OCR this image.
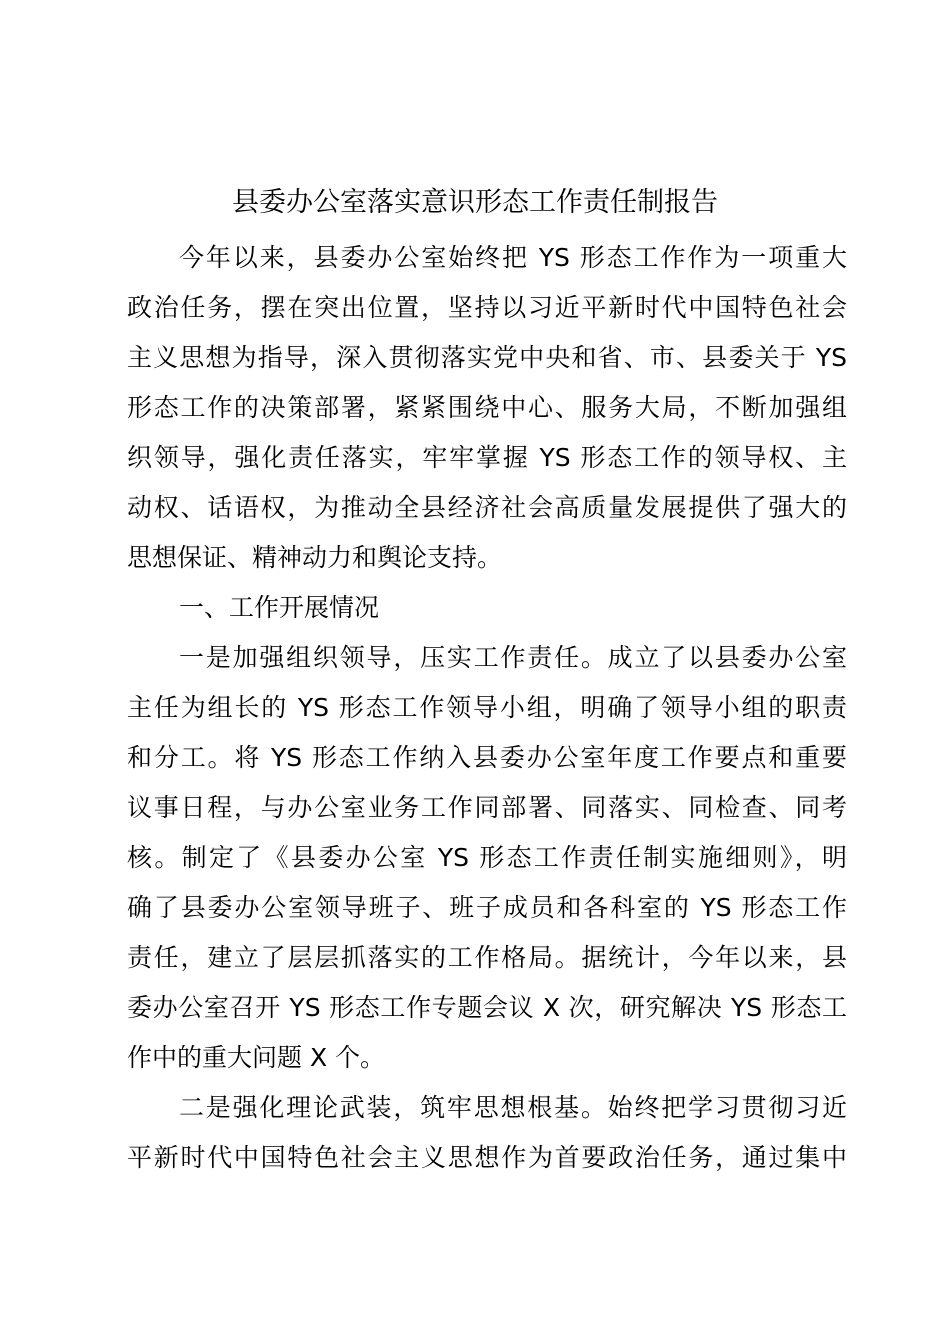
县委办公室落实意识形态工作责任制报告
今年以来，县委办公室始终把 YS 形态工作作为一项重大
政治任务，摆在突出位置，坚持以习近平新时代中国特色社会
主义思想为指导，深入贯彻落实党中央和省、市、县委关于 YS
形态工作的决策部署，紧紧围绕中心、服务大局，不断加强组
织领导，强化责任落实，牢牢掌握 YS 形态工作的领导权、主
动权、话语权，为推动全县经济社会高质量发展提供了强大的
思想保证、精神动力和舆论支持。
一、工作开展情况
一是加强组织领导，压实工作责任。成立了以县委办公室
主任为组长的 YS 形态工作领导小组，明确了领导小组的职责
和分工。将 YS 形态工作纳入县委办公室年度工作要点和重要
议事日程，与办公室业务工作同部署、同落实、同检查、同考
核。制定了《县委办公室 YS 形态工作责任制实施细则》，明
确了县委办公室领导班子、班子成员和各科室的 YS 形态工作
责任，建立了层层抓落实的工作格局。据统计，今年以来，县
委办公室召开 YS 形态工作专题会议 X 次，研究解决 YS 形态工
作中的重大问题 X 个。
二是强化理论武装，筑牢思想根基。始终把学习贯彻习近
平新时代中国特色社会主义思想作为首要政治任务，通过集中
